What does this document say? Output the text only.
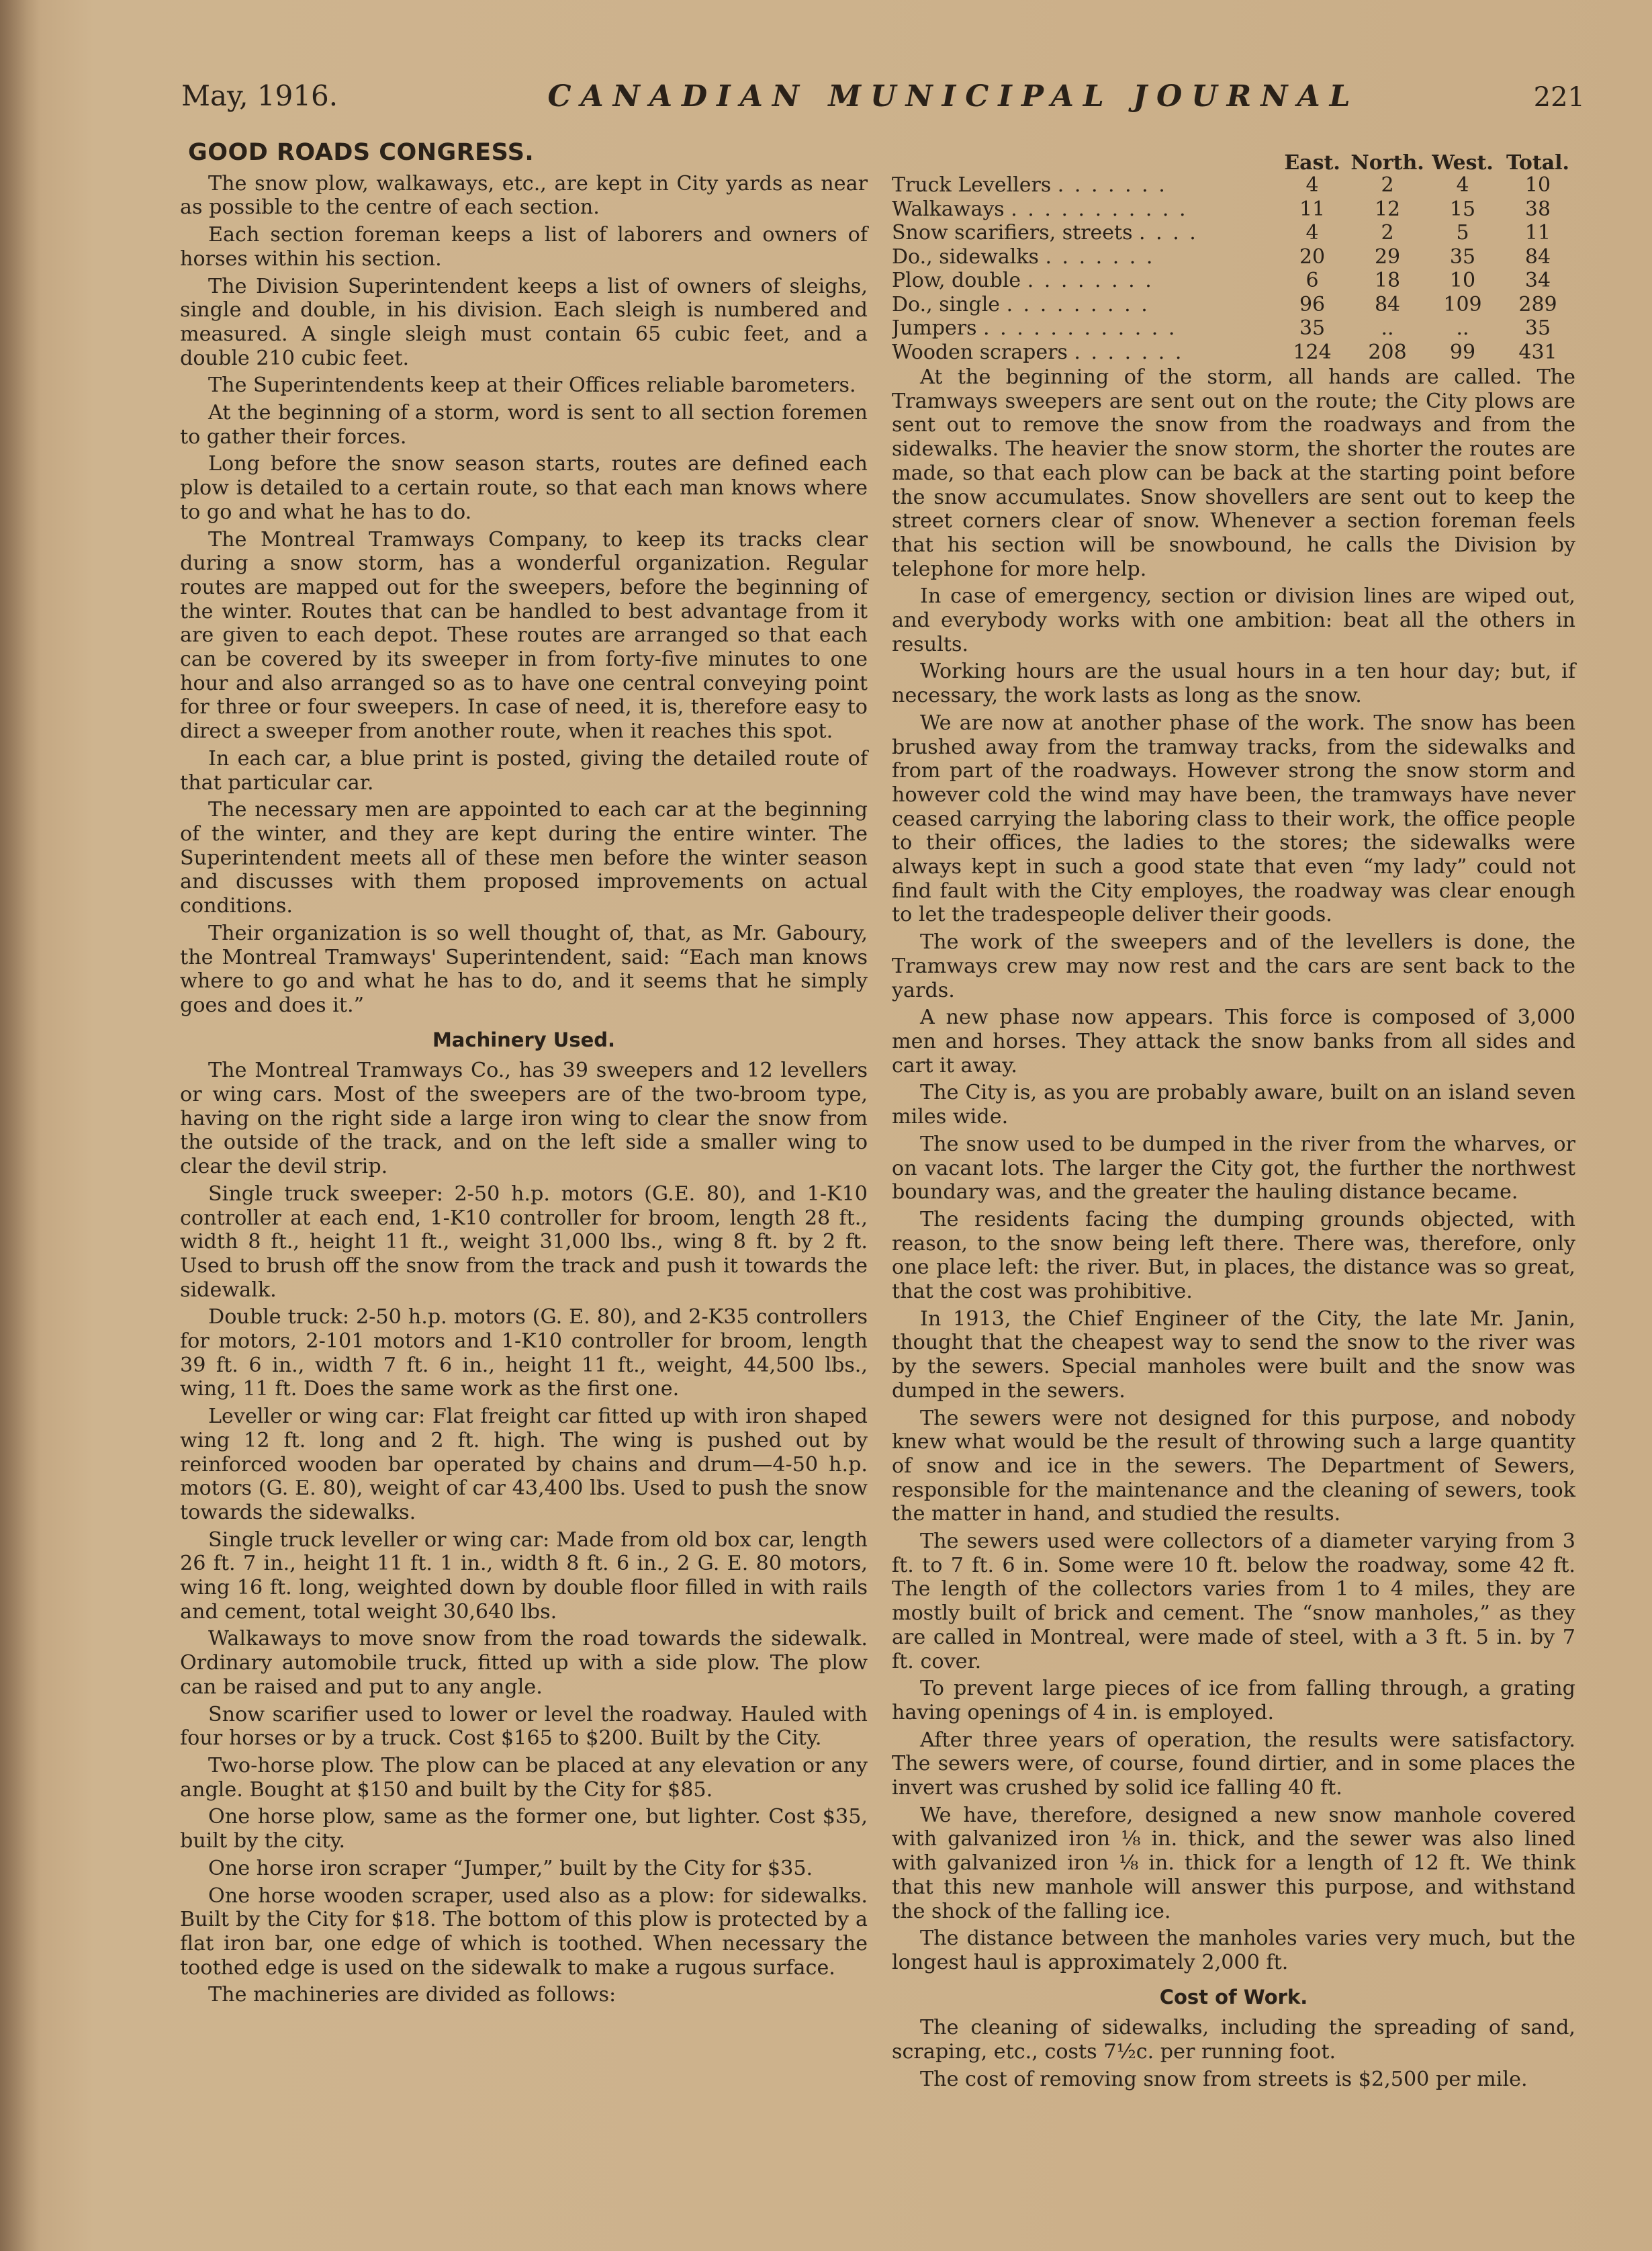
May, 1916.	CANADIAN MUNICIPAL JOURNAL	221
GOOD ROADS CONGRESS.

The snow plow, walkaways, etc., are kept in City yards as near as possible to the centre of each section.

Each section foreman keeps a list of laborers and owners of horses within his section.

The Division Superintendent keeps a list of owners of sleighs, single and double, in his division. Each sleigh is numbered and measured. A single sleigh must contain 65 cubic feet, and a double 210 cubic feet.

The Superintendents keep at their Offices reliable barometers.

At the beginning of a storm, word is sent to all section foremen to gather their forces.

Long before the snow season starts, routes are defined each plow is detailed to a certain route, so that each man knows where to go and what he has to do.

The Montreal Tramways Company, to keep its tracks clear during a snow storm, has a wonderful organization. Regular routes are mapped out for the sweepers, before the beginning of the winter. Routes that can be handled to best advantage from it are given to each depot. These routes are arranged so that each can be covered by its sweeper in from forty-five minutes to one hour and also arranged so as to have one central conveying point for three or four sweepers. In case of need, it is, therefore easy to direct a sweeper from another route, when it reaches this spot.

In each car, a blue print is posted, giving the detailed route of that particular car.

The necessary men are appointed to each car at the beginning of the winter, and they are kept during the entire winter. The Superintendent meets all of these men before the winter season and discusses with them proposed improvements on actual conditions.

Their organization is so well thought of, that, as Mr. Gaboury, the Montreal Tramways' Superintendent, said: “Each man knows where to go and what he has to do, and it seems that he simply goes and does it.”

Machinery Used.

The Montreal Tramways Co., has 39 sweepers and 12 levellers or wing cars. Most of the sweepers are of the two-broom type, having on the right side a large iron wing to clear the snow from the outside of the track, and on the left side a smaller wing to clear the devil strip.

Single truck sweeper: 2-50 h.p. motors (G.E. 80), and 1-K10 controller at each end, 1-K10 controller for broom, length 28 ft., width 8 ft., height 11 ft., weight 31,000 lbs., wing 8 ft. by 2 ft. Used to brush off the snow from the track and push it towards the sidewalk.

Double truck: 2-50 h.p. motors (G. E. 80), and 2-K35 controllers for motors, 2-101 motors and 1-K10 controller for broom, length 39 ft. 6 in., width 7 ft. 6 in., height 11 ft., weight, 44,500 lbs., wing, 11 ft. Does the same work as the first one.

Leveller or wing car: Flat freight car fitted up with iron shaped wing 12 ft. long and 2 ft. high. The wing is pushed out by reinforced wooden bar operated by chains and drum—4-50 h.p. motors (G. E. 80), weight of car 43,400 lbs. Used to push the snow towards the sidewalks.

Single truck leveller or wing car: Made from old box car, length 26 ft. 7 in., height 11 ft. 1 in., width 8 ft. 6 in., 2 G. E. 80 motors, wing 16 ft. long, weighted down by double floor filled in with rails and cement, total weight 30,640 lbs.

Walkaways to move snow from the road towards the sidewalk. Ordinary automobile truck, fitted up with a side plow. The plow can be raised and put to any angle.

Snow scarifier used to lower or level the roadway. Hauled with four horses or by a truck. Cost $165 to $200. Built by the City.

Two-horse plow. The plow can be placed at any elevation or any angle. Bought at $150 and built by the City for $85.

One horse plow, same as the former one, but lighter. Cost $35, built by the city.

One horse iron scraper “Jumper,” built by the City for $35.

One horse wooden scraper, used also as a plow: for sidewalks. Built by the City for $18. The bottom of this plow is protected by a flat iron bar, one edge of which is toothed. When necessary the toothed edge is used on the sidewalk to make a rugous surface.

The machineries are divided as follows:

	East.	North.	West.	Total.
Truck Levellers . . . . . . .	4	2	4	10
Walkaways . . . . . . . . . . .	11	12	15	38
Snow scarifiers, streets . . . .	4	2	5	11
Do., sidewalks . . . . . . .	20	29	35	84
Plow, double . . . . . . . .	6	18	10	34
Do., single . . . . . . . . .	96	84	109	289
Jumpers . . . . . . . . . . . .	35	..	..	35
Wooden scrapers . . . . . . .	124	208	99	431

At the beginning of the storm, all hands are called. The Tramways sweepers are sent out on the route; the City plows are sent out to remove the snow from the roadways and from the sidewalks. The heavier the snow storm, the shorter the routes are made, so that each plow can be back at the starting point before the snow accumulates. Snow shovellers are sent out to keep the street corners clear of snow. Whenever a section foreman feels that his section will be snowbound, he calls the Division by telephone for more help.

In case of emergency, section or division lines are wiped out, and everybody works with one ambition: beat all the others in results.

Working hours are the usual hours in a ten hour day; but, if necessary, the work lasts as long as the snow.

We are now at another phase of the work. The snow has been brushed away from the tramway tracks, from the sidewalks and from part of the roadways. However strong the snow storm and however cold the wind may have been, the tramways have never ceased carrying the laboring class to their work, the office people to their offices, the ladies to the stores; the sidewalks were always kept in such a good state that even “my lady” could not find fault with the City employes, the roadway was clear enough to let the tradespeople deliver their goods.

The work of the sweepers and of the levellers is done, the Tramways crew may now rest and the cars are sent back to the yards.

A new phase now appears. This force is composed of 3,000 men and horses. They attack the snow banks from all sides and cart it away.

The City is, as you are probably aware, built on an island seven miles wide.

The snow used to be dumped in the river from the wharves, or on vacant lots. The larger the City got, the further the northwest boundary was, and the greater the hauling distance became.

The residents facing the dumping grounds objected, with reason, to the snow being left there. There was, therefore, only one place left: the river. But, in places, the distance was so great, that the cost was prohibitive.

In 1913, the Chief Engineer of the City, the late Mr. Janin, thought that the cheapest way to send the snow to the river was by the sewers. Special manholes were built and the snow was dumped in the sewers.

The sewers were not designed for this purpose, and nobody knew what would be the result of throwing such a large quantity of snow and ice in the sewers. The Department of Sewers, responsible for the maintenance and the cleaning of sewers, took the matter in hand, and studied the results.

The sewers used were collectors of a diameter varying from 3 ft. to 7 ft. 6 in. Some were 10 ft. below the roadway, some 42 ft. The length of the collectors varies from 1 to 4 miles, they are mostly built of brick and cement. The “snow manholes,” as they are called in Montreal, were made of steel, with a 3 ft. 5 in. by 7 ft. cover.

To prevent large pieces of ice from falling through, a grating having openings of 4 in. is employed.

After three years of operation, the results were satisfactory. The sewers were, of course, found dirtier, and in some places the invert was crushed by solid ice falling 40 ft.

We have, therefore, designed a new snow manhole covered with galvanized iron ⅛ in. thick, and the sewer was also lined with galvanized iron ⅛ in. thick for a length of 12 ft. We think that this new manhole will answer this purpose, and withstand the shock of the falling ice.

The distance between the manholes varies very much, but the longest haul is approximately 2,000 ft.

Cost of Work.

The cleaning of sidewalks, including the spreading of sand, scraping, etc., costs 7½c. per running foot.

The cost of removing snow from streets is $2,500 per mile.
